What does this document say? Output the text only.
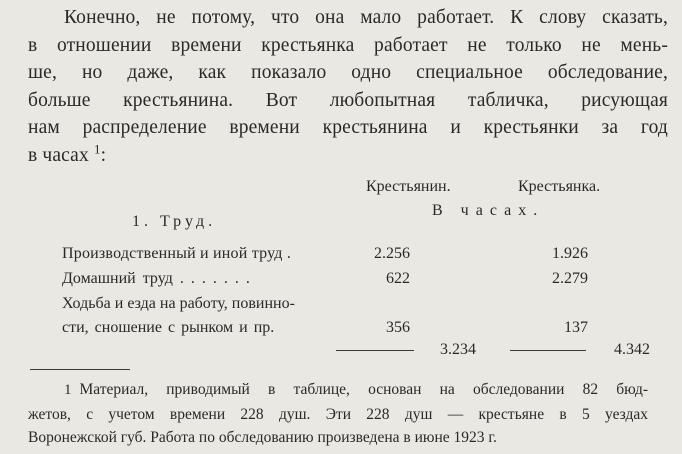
Конечно, не потому, что она мало работает. К слову сказать,
в отношении времени крестьянка работает не только не мень-
ше, но даже, как показало одно специальное обследование,
больше крестьянина. Вот любопытная табличка, рисующая
нам распределение времени крестьянина и крестьянки за год
в часах $^1$:
Крестьянин.	Крестьянка.
В часах.
1. Труд.
Производственный и иной труд .	2.256	1.926
Домашний труд . . . . . . .	622	2.279
Ходьба и езда на работу, повинно-
сти, сношение с рынком и пр.	356	137
3.234	4.342
1 Материал, приводимый в таблице, основан на обследовании 82 бюд-
жетов, с учетом времени 228 душ. Эти 228 душ — крестьяне в 5 уездах
Воронежской губ. Работа по обследованию произведена в июне 1923 г.
